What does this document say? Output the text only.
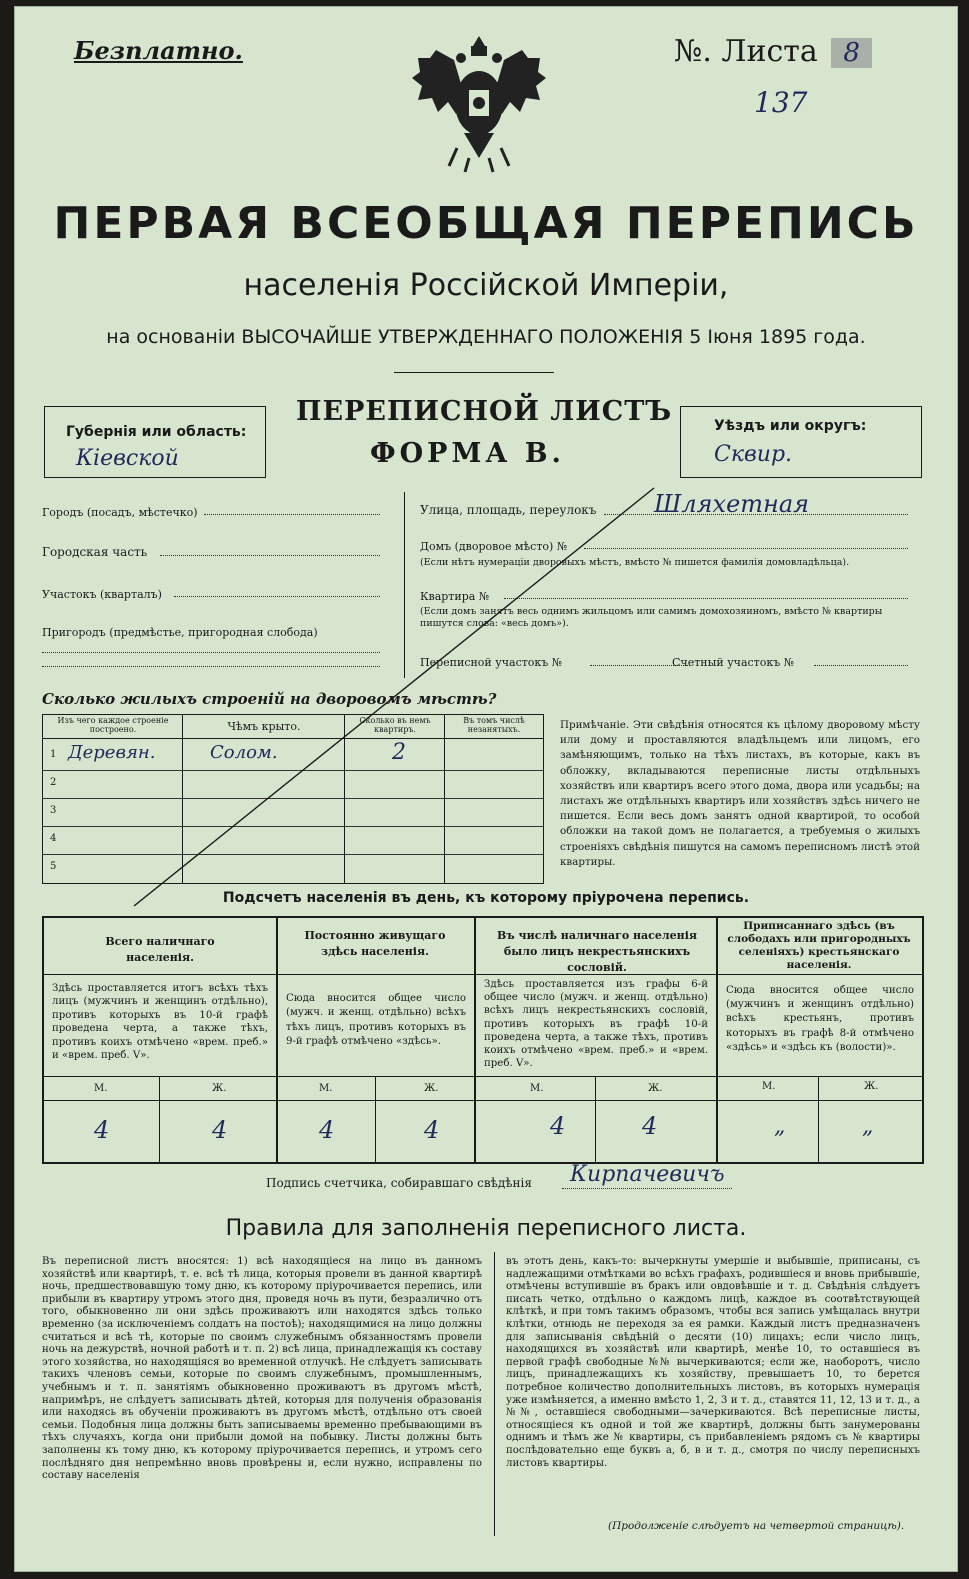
Безплатно.	№. Листа 8
137
ПЕРВАЯ ВСЕОБЩАЯ ПЕРЕПИСЬ
населенія Россійской Имперіи,
на основаніи ВЫСОЧАЙШЕ УТВЕРЖДЕННАГО ПОЛОЖЕНІЯ 5 Іюня 1895 года.
Губернія или область:
Кіевской
ПЕРЕПИСНОЙ ЛИСТЪ
ФОРМА В.
Уѣздъ или округъ:
Сквир.
Городъ (посадъ, мѣстечко)
Городская часть
Участокъ (кварталъ)
Пригородъ (предмѣстье, пригородная слобода)
Улица, площадь, переулокъ Шляхетная
Домъ (дворовое мѣсто) №
(Если нѣтъ нумераціи дворовыхъ мѣстъ, вмѣсто № пишется фамилія домовладѣльца).
Квартира №
(Если домъ занятъ весь однимъ жильцомъ или самимъ домохозяиномъ, вмѣсто № квартиры пишутся слова: «весь домъ»).
Переписной участокъ №	Счетный участокъ №
Сколько жилыхъ строеній на дворовомъ мѣстѣ?
Изъ чего каждое строеніе построено.	Чѣмъ крыто.	Сколько въ немъ квартиръ.
Въ томъ числѣ незанятыхъ.
1 Деревян.	Солом.	2
2
3
4
5
Примѣчаніе. Эти свѣдѣнія относятся къ цѣлому дворовому мѣсту или дому и проставляются владѣльцемъ или лицомъ, его замѣняющимъ, только на тѣхъ листахъ, въ которые, какъ въ обложку, вкладываются переписные листы отдѣльныхъ хозяйствъ или квартиръ всего этого дома, двора или усадьбы; на листахъ же отдѣльныхъ квартиръ или хозяйствъ здѣсь ничего не пишется. Если весь домъ занятъ одной квартирой, то особой обложки на такой домъ не полагается, а требуемыя о жилыхъ строеніяхъ свѣдѣнія пишутся на самомъ переписномъ листѣ этой квартиры.
Подсчетъ населенія въ день, къ которому пріурочена перепись.
Всего наличнаго населенія.
Здѣсь проставляется итогъ всѣхъ тѣхъ лицъ (мужчинъ и женщинъ отдѣльно), противъ которыхъ въ 10-й графѣ проведена черта, а также тѣхъ, противъ коихъ отмѣчено «врем. преб.» и «врем. преб. V».
М.	Ж.
4	4
Постоянно живущаго здѣсь населенія.
Сюда вносится общее число (мужч. и женщ. отдѣльно) всѣхъ тѣхъ лицъ, противъ которыхъ въ 9-й графѣ отмѣчено «здѣсь».
М.	Ж.
4	4
Въ числѣ наличнаго населенія было лицъ некрестьянскихъ сословій.
Здѣсь проставляется изъ графы 6-й общее число (мужч. и женщ. отдѣльно) всѣхъ лицъ некрестьянскихъ сословій, противъ которыхъ въ графѣ 10-й проведена черта, а также тѣхъ, противъ коихъ отмѣчено «врем. преб.» и «врем. преб. V».
М.	Ж.
4	4
Приписаннаго здѣсь (въ слободахъ или пригородныхъ селеніяхъ) крестьянскаго населенія.
Сюда вносится общее число (мужчинъ и женщинъ отдѣльно) всѣхъ крестьянъ, противъ которыхъ въ графѣ 8-й отмѣчено «здѣсь» и «здѣсь къ (волости)».
М.	Ж.
„	„
Подпись счетчика, собиравшаго свѣдѣнія Кирпачевичъ
Правила для заполненія переписного листа.
Въ переписной листъ вносятся: 1) всѣ находящіеся на лицо въ данномъ хозяйствѣ или квартирѣ, т. е. всѣ тѣ лица, которыя провели въ данной квартирѣ ночь, предшествовавшую тому дню, къ которому пріурочивается перепись, или прибыли въ квартиру утромъ этого дня, проведя ночь въ пути, безразлично отъ того, обыкновенно ли они здѣсь проживаютъ или находятся здѣсь только временно (за исключеніемъ солдатъ на постоѣ); находящимися на лицо должны считаться и всѣ тѣ, которые по своимъ служебнымъ обязанностямъ провели ночь на дежурствѣ, ночной работѣ и т. п. 2) всѣ лица, принадлежащія къ составу этого хозяйства, но находящіяся во временной отлучкѣ. Не слѣдуетъ записывать такихъ членовъ семьи, которые по своимъ служебнымъ, промышленнымъ, учебнымъ и т. п. занятіямъ обыкновенно проживаютъ въ другомъ мѣстѣ, напримѣръ, не слѣдуетъ записывать дѣтей, которыя для полученія образованія или находясь въ обученіи проживаютъ въ другомъ мѣстѣ, отдѣльно отъ своей семьи. Подобныя лица должны быть записываемы временно пребывающими въ тѣхъ случаяхъ, когда они прибыли домой на побывку. Листы должны быть заполнены къ тому дню, къ которому пріурочивается перепись, и утромъ сего послѣдняго дня непремѣнно вновь провѣрены и, если нужно, исправлены по составу населенія
въ этотъ день, какъ-то: вычеркнуты умершіе и выбывшіе, приписаны, съ надлежащими отмѣтками во всѣхъ графахъ, родившіеся и вновь прибывшіе, отмѣчены вступившіе въ бракъ или овдовѣвшіе и т. д. Свѣдѣнія слѣдуетъ писать четко, отдѣльно о каждомъ лицѣ, каждое въ соотвѣтствующей клѣткѣ, и при томъ такимъ образомъ, чтобы вся запись умѣщалась внутри клѣтки, отнюдь не переходя за ея рамки. Каждый листъ предназначенъ для записыванія свѣдѣній о десяти (10) лицахъ; если число лицъ, находящихся въ хозяйствѣ или квартирѣ, менѣе 10, то оставшіеся въ первой графѣ свободные №№ вычеркиваются; если же, наоборотъ, число лицъ, принадлежащихъ къ хозяйству, превышаетъ 10, то берется потребное количество дополнительныхъ листовъ, въ которыхъ нумерація уже измѣняется, а именно вмѣсто 1, 2, 3 и т. д., ставятся 11, 12, 13 и т. д., а №№, оставшіеся свободными—зачеркиваются. Всѣ переписные листы, относящіеся къ одной и той же квартирѣ, должны быть занумерованы однимъ и тѣмъ же № квартиры, съ прибавленіемъ рядомъ съ № квартиры послѣдовательно еще буквъ а, б, в и т. д., смотря по числу переписныхъ листовъ квартиры.
(Продолженіе слѣдуетъ на четвертой страницѣ).
